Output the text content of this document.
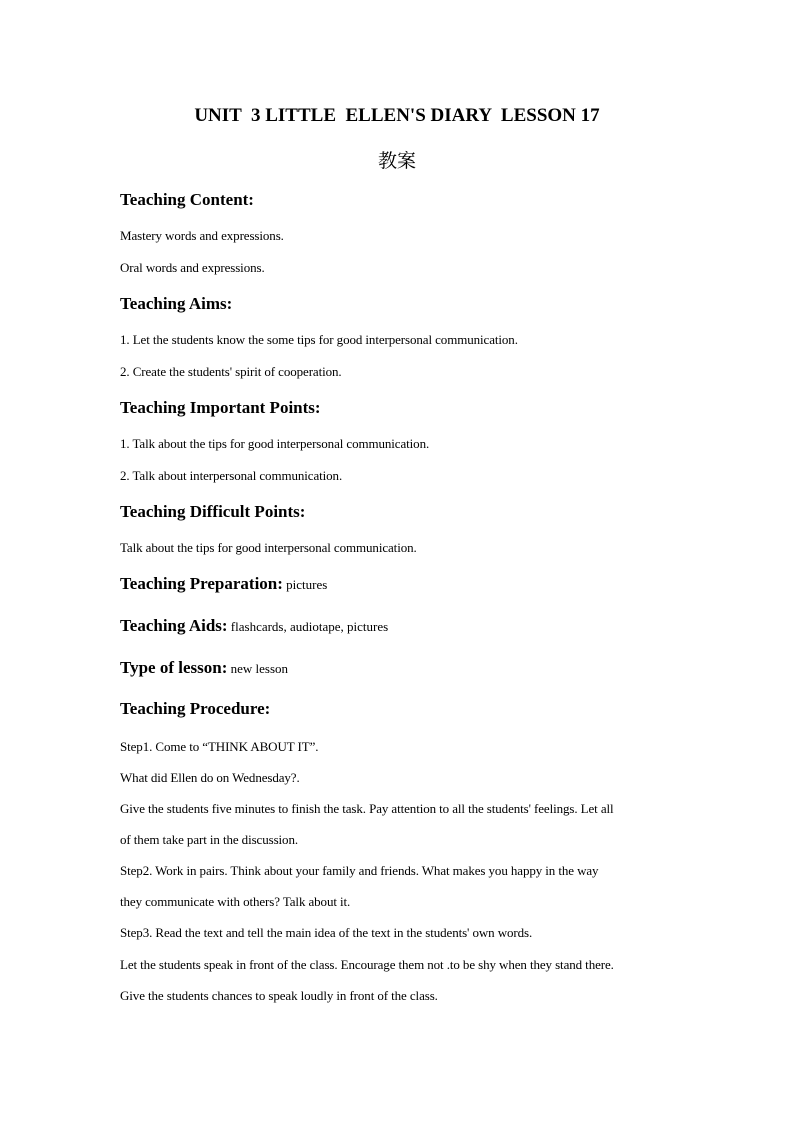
UNIT  3 LITTLE  ELLEN'S DIARY  LESSON 17
教案
Teaching Content:
Mastery words and expressions.
Oral words and expressions.
Teaching Aims:
1. Let the students know the some tips for good interpersonal communication.
2. Create the students' spirit of cooperation.
Teaching Important Points:
1. Talk about the tips for good interpersonal communication.
2. Talk about interpersonal communication.
Teaching Difficult Points:
Talk about the tips for good interpersonal communication.
Teaching Preparation: pictures
Teaching Aids: flashcards, audiotape, pictures
Type of lesson: new lesson
Teaching Procedure:
Step1. Come to “THINK ABOUT IT”.
What did Ellen do on Wednesday?.
Give the students five minutes to finish the task. Pay attention to all the students' feelings. Let all
of them take part in the discussion.
Step2. Work in pairs. Think about your family and friends. What makes you happy in the way
they communicate with others? Talk about it.
Step3. Read the text and tell the main idea of the text in the students' own words.
Let the students speak in front of the class. Encourage them not .to be shy when they stand there.
Give the students chances to speak loudly in front of the class.
